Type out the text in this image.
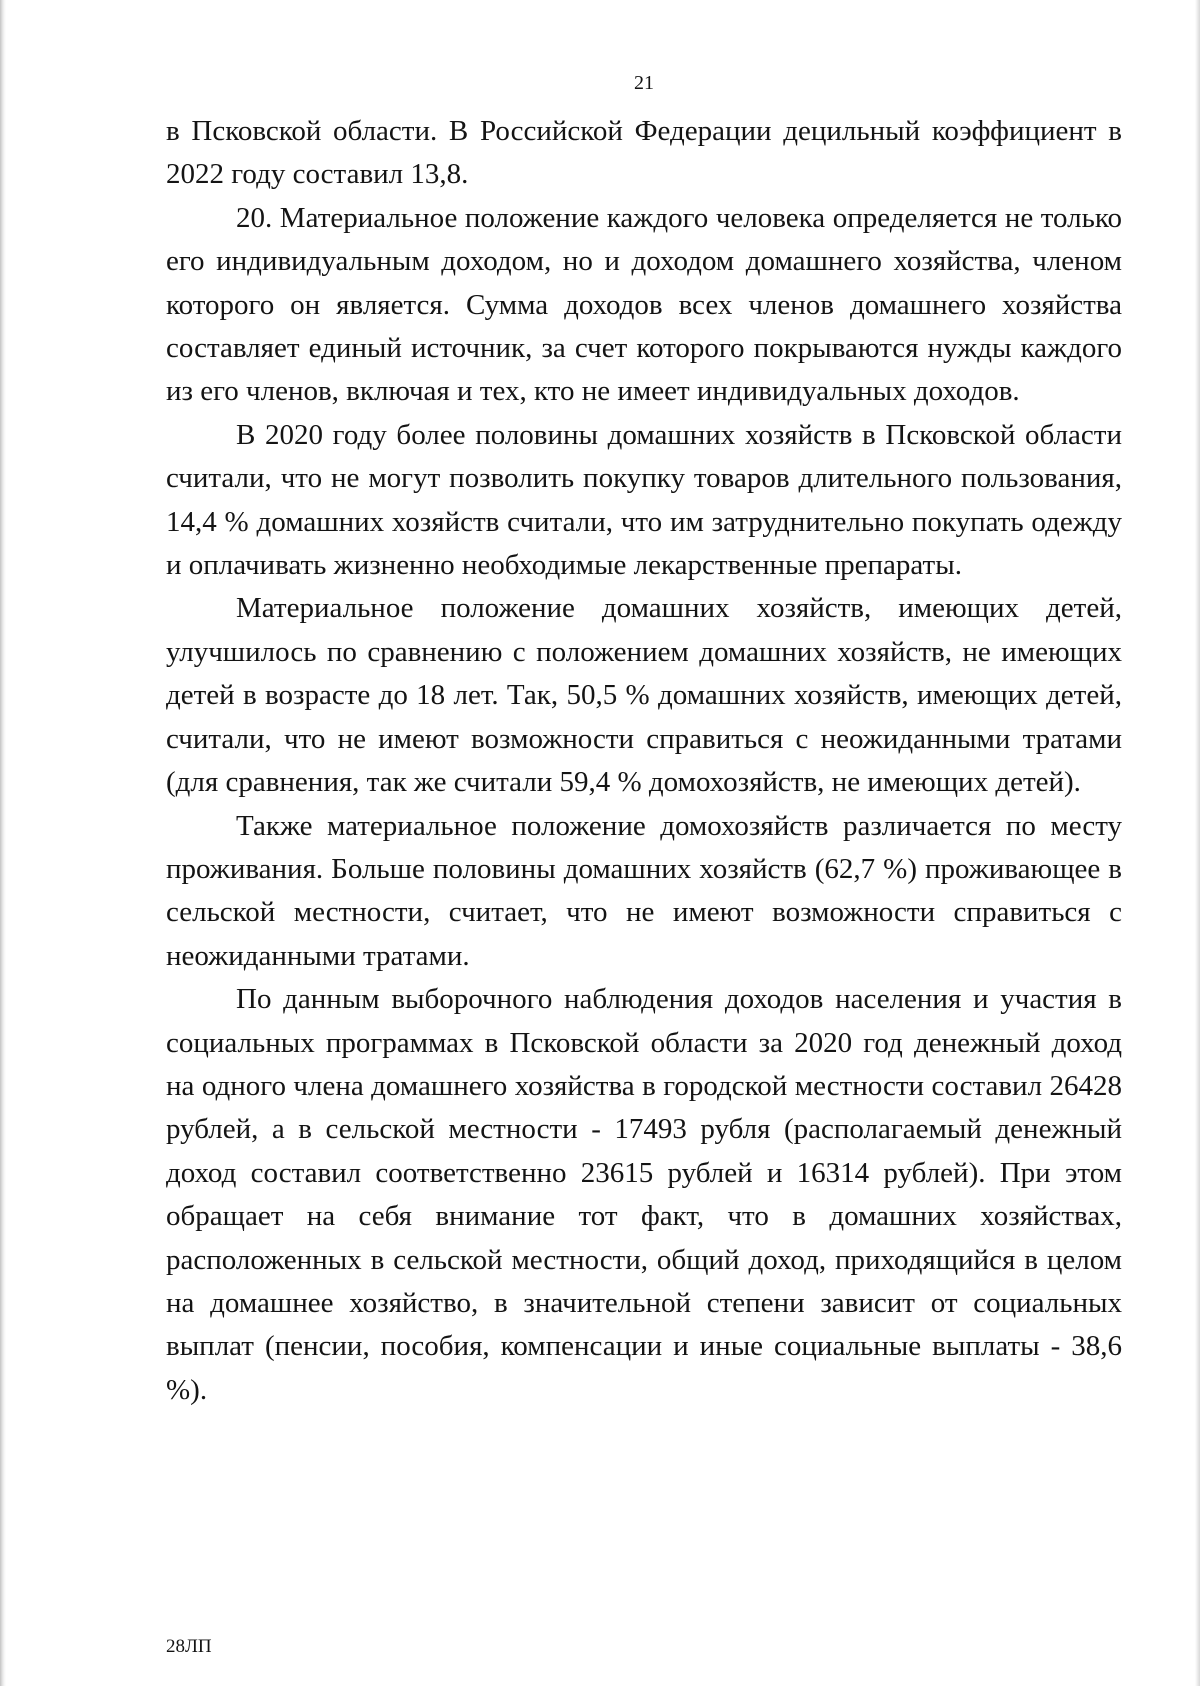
21

в Псковской области. В Российской Федерации децильный коэффициент в 2022 году составил 13,8.

20. Материальное положение каждого человека определяется не только его индивидуальным доходом, но и доходом домашнего хозяйства, членом которого он является. Сумма доходов всех членов домашнего хозяйства составляет единый источник, за счет которого покрываются нужды каждого из его членов, включая и тех, кто не имеет индивидуальных доходов.

В 2020 году более половины домашних хозяйств в Псковской области считали, что не могут позволить покупку товаров длительного пользования, 14,4 % домашних хозяйств считали, что им затруднительно покупать одежду и оплачивать жизненно необходимые лекарственные препараты.

Материальное положение домашних хозяйств, имеющих детей, улучшилось по сравнению с положением домашних хозяйств, не имеющих детей в возрасте до 18 лет. Так, 50,5 % домашних хозяйств, имеющих детей, считали, что не имеют возможности справиться с неожиданными тратами (для сравнения, так же считали 59,4 % домохозяйств, не имеющих детей).

Также материальное положение домохозяйств различается по месту проживания. Больше половины домашних хозяйств (62,7 %) проживающее в сельской местности, считает, что не имеют возможности справиться с неожиданными тратами.

По данным выборочного наблюдения доходов населения и участия в социальных программах в Псковской области за 2020 год денежный доход на одного члена домашнего хозяйства в городской местности составил 26428 рублей, а в сельской местности - 17493 рубля (располагаемый денежный доход составил соответственно 23615 рублей и 16314 рублей). При этом обращает на себя внимание тот факт, что в домашних хозяйствах, расположенных в сельской местности, общий доход, приходящийся в целом на домашнее хозяйство, в значительной степени зависит от социальных выплат (пенсии, пособия, компенсации и иные социальные выплаты - 38,6 %).

28ЛП
